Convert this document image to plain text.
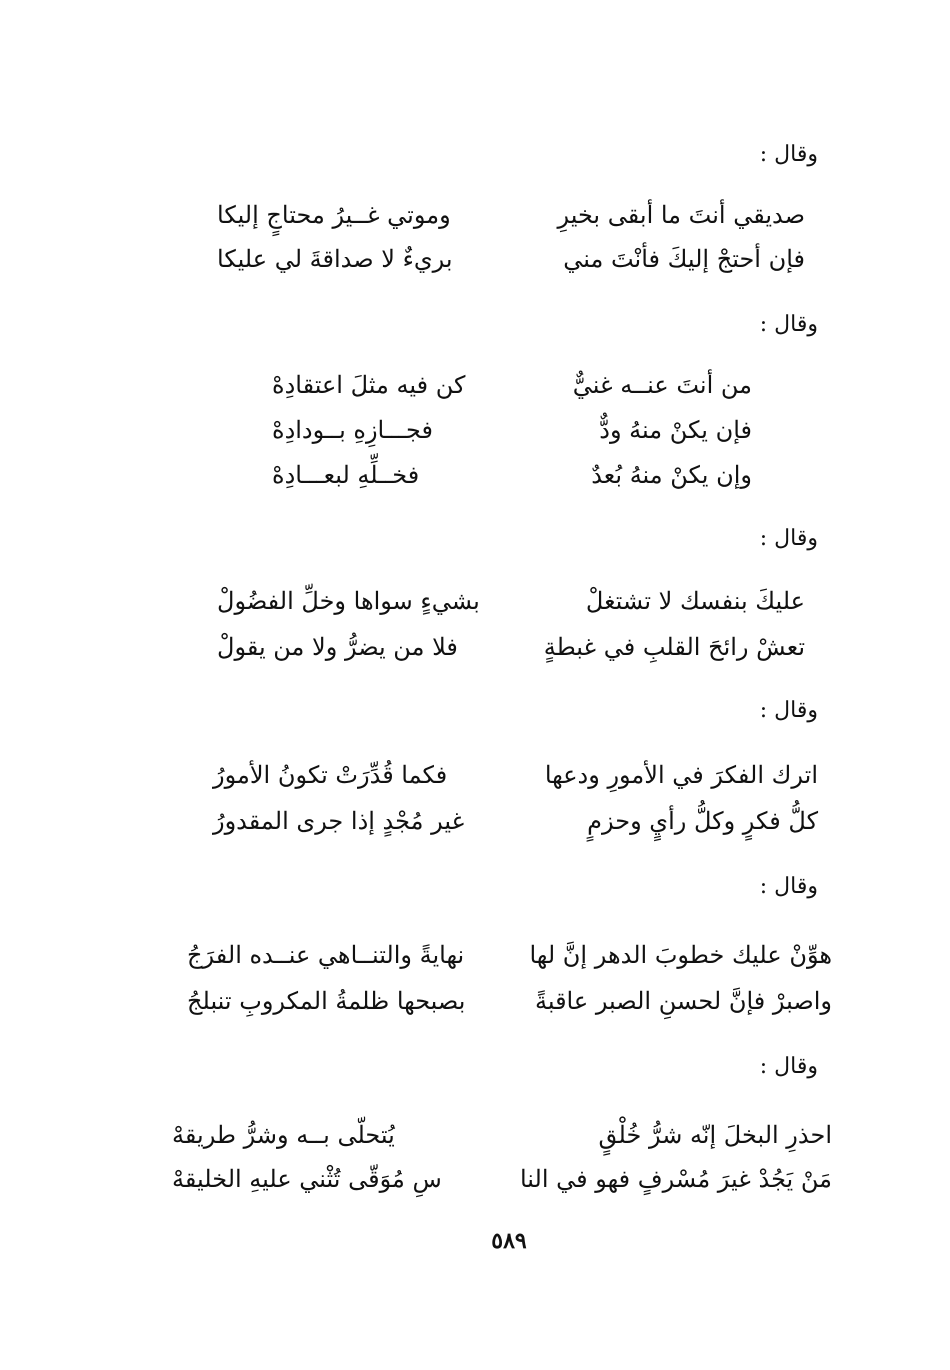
وقال :
صديقي أنتَ ما أبقى بخيرِ
وموتي غــيرُ محتاجٍ إليكا
فإن أحتجْ إليكَ فأنْتَ مني
بريءٌ لا صداقةَ لي عليكا
وقال :
من أنتَ عنــه غنيٌّ
كن فيه مثلَ اعتقادِهْ
فإن يكنْ منهُ ودٌّ
فجـــازِهِ بــودادِهْ
وإن يكنْ منهُ بُعدٌ
فخــلِّهِ لبعـــادِهْ
وقال :
عليكَ بنفسك لا تشتغلْ
بشيءٍ سواها وخلِّ الفضُولْ
تعشْ رائحَ القلبِ في غبطةٍ
فلا من يضرُّ ولا من يقولْ
وقال :
اترك الفكرَ في الأمورِ ودعها
فكما قُدِّرَتْ تكونُ الأمورُ
كلُّ فكرٍ وكلُّ رأيٍ وحزمٍ
غير مُجْدٍ إذا جرى المقدورُ
وقال :
هوِّنْ عليك خطوبَ الدهر إنَّ لها
نهايةً والتنــاهي عنــده الفرَجُ
واصبرْ فإنَّ لحسنِ الصبر عاقبةً
بصبحها ظلمةُ المكروبِ تنبلجُ
وقال :
احذرِ البخلَ إنّه شرُّ خُلْقٍ
يُتحلّى بــه وشرُّ طريقهْ
مَنْ يَجُدْ غيرَ مُسْرفٍ فهو في النا
سِ مُوَقّى تُثْني عليهِ الخليقهْ
٥٨٩
